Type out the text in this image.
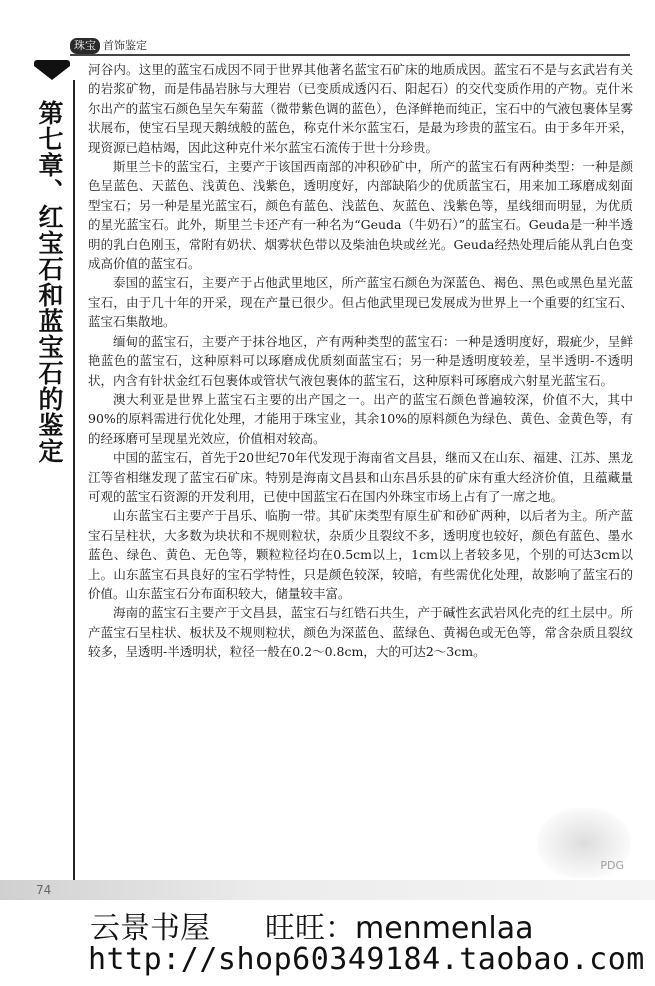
珠宝 首饰鉴定
第七章、红宝石和蓝宝石的鉴定

河谷内。这里的蓝宝石成因不同于世界其他著名蓝宝石矿床的地质成因。蓝宝石不是与玄武岩有关的岩浆矿物，而是伟晶岩脉与大理岩（已变质成透闪石、阳起石）的交代变质作用的产物。克什米尔出产的蓝宝石颜色呈矢车菊蓝（微带紫色调的蓝色），色泽鲜艳而纯正，宝石中的气液包裹体呈雾状展布，使宝石呈现天鹅绒般的蓝色，称克什米尔蓝宝石，是最为珍贵的蓝宝石。由于多年开采，现资源已趋枯竭，因此这种克什米尔蓝宝石流传于世十分珍贵。

斯里兰卡的蓝宝石，主要产于该国西南部的冲积砂矿中，所产的蓝宝石有两种类型：一种是颜色呈蓝色、天蓝色、浅黄色、浅紫色，透明度好，内部缺陷少的优质蓝宝石，用来加工琢磨成刻面型宝石；另一种是星光蓝宝石，颜色有蓝色、浅蓝色、灰蓝色、浅紫色等，星线细而明显，为优质的星光蓝宝石。此外，斯里兰卡还产有一种名为“Geuda（牛奶石）”的蓝宝石。Geuda是一种半透明的乳白色刚玉，常附有奶状、烟雾状色带以及柴油色块或丝光。Geuda经热处理后能从乳白色变成高价值的蓝宝石。

泰国的蓝宝石，主要产于占他武里地区，所产蓝宝石颜色为深蓝色、褐色、黑色或黑色星光蓝宝石，由于几十年的开采，现在产量已很少。但占他武里现已发展成为世界上一个重要的红宝石、蓝宝石集散地。

缅甸的蓝宝石，主要产于抹谷地区，产有两种类型的蓝宝石：一种是透明度好，瑕疵少，呈鲜艳蓝色的蓝宝石，这种原料可以琢磨成优质刻面蓝宝石；另一种是透明度较差，呈半透明-不透明状，内含有针状金红石包裹体或管状气液包裹体的蓝宝石，这种原料可琢磨成六射星光蓝宝石。

澳大利亚是世界上蓝宝石主要的出产国之一。出产的蓝宝石颜色普遍较深，价值不大，其中90%的原料需进行优化处理，才能用于珠宝业，其余10%的原料颜色为绿色、黄色、金黄色等，有的经琢磨可呈现星光效应，价值相对较高。

中国的蓝宝石，首先于20世纪70年代发现于海南省文昌县，继而又在山东、福建、江苏、黑龙江等省相继发现了蓝宝石矿床。特别是海南文昌县和山东昌乐县的矿床有重大经济价值，且蕴藏量可观的蓝宝石资源的开发利用，已使中国蓝宝石在国内外珠宝市场上占有了一席之地。

山东蓝宝石主要产于昌乐、临朐一带。其矿床类型有原生矿和砂矿两种，以后者为主。所产蓝宝石呈柱状，大多数为块状和不规则粒状，杂质少且裂纹不多，透明度也较好，颜色有蓝色、墨水蓝色、绿色、黄色、无色等，颗粒粒径均在0.5cm以上，1cm以上者较多见，个别的可达3cm以上。山东蓝宝石具良好的宝石学特性，只是颜色较深，较暗，有些需优化处理，故影响了蓝宝石的价值。山东蓝宝石分布面积较大，储量较丰富。

海南的蓝宝石主要产于文昌县，蓝宝石与红锆石共生，产于碱性玄武岩风化壳的红土层中。所产蓝宝石呈柱状、板状及不规则粒状，颜色为深蓝色、蓝绿色、黄褐色或无色等，常含杂质且裂纹较多，呈透明-半透明状，粒径一般在0.2～0.8cm，大的可达2～3cm。

PDG
74
云景书屋 旺旺：menmenlaa
http://shop60349184.taobao.com
